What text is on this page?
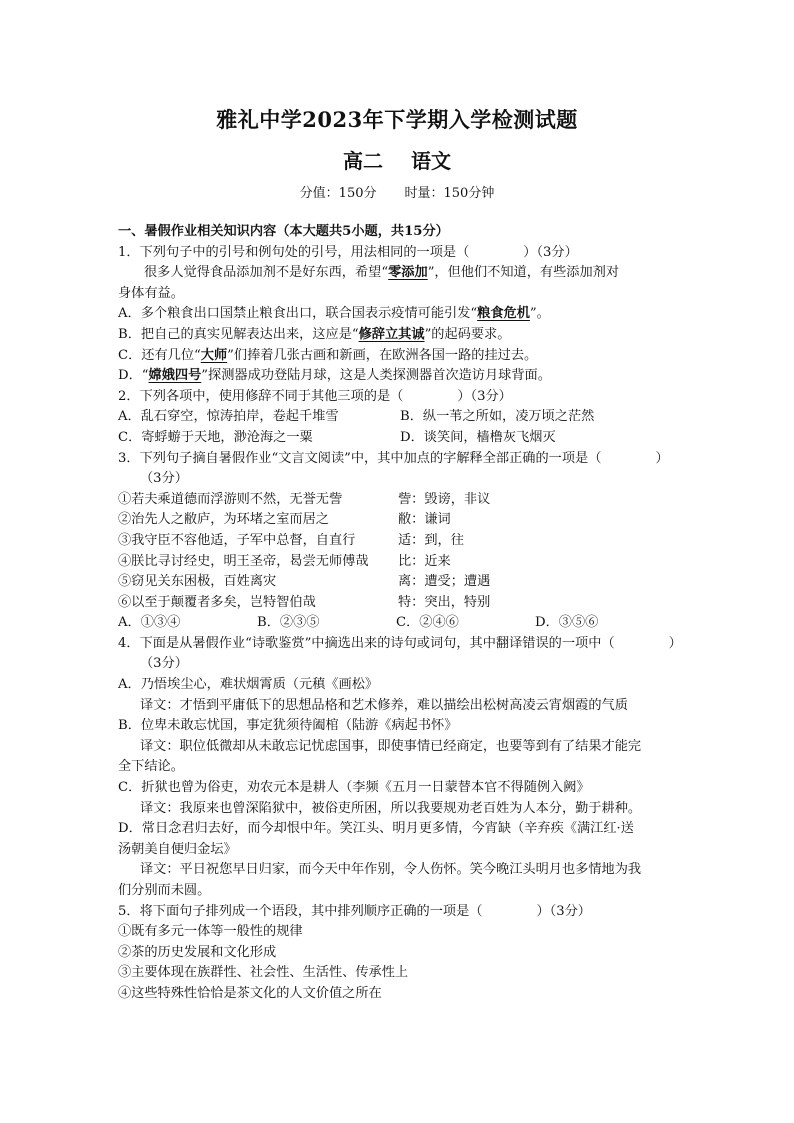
雅礼中学2023年下学期入学检测试题
高二 语文
分值：150分 时量：150分钟
一、暑假作业相关知识内容（本大题共5小题，共15分）
1．下列句子中的引号和例句处的引号，用法相同的一项是（	）（3分）
很多人觉得食品添加剂不是好东西，希望“零添加”，但他们不知道，有些添加剂对
身体有益。
A．多个粮食出口国禁止粮食出口，联合国表示疫情可能引发“粮食危机”。
B．把自己的真实见解表达出来，这应是“修辞立其诚”的起码要求。
C．还有几位“大师”们捧着几张古画和新画，在欧洲各国一路的挂过去。
D．“嫦娥四号”探测器成功登陆月球，这是人类探测器首次造访月球背面。
2．下列各项中，使用修辞不同于其他三项的是（	）（3分）
A．乱石穿空，惊涛拍岸，卷起千堆雪	B．纵一苇之所如，凌万顷之茫然
C．寄蜉蝣于天地，渺沧海之一粟	D．谈笑间，樯橹灰飞烟灭
3．下列句子摘自暑假作业“文言文阅读”中，其中加点的字解释全部正确的一项是（	）
（3分）
①若夫乘道德而浮游则不然，无誉无訾	訾：毁谤，非议
②治先人之敝庐，为环堵之室而居之	敝：谦词
③我守臣不容他适，子军中总督，自直行	适：到，往
④朕比寻讨经史，明王圣帝，曷尝无师傅哉	比：近来
⑤窃见关东困极，百姓离灾	离：遭受；遭遇
⑥以至于颠覆者多矣，岂特智伯哉	特：突出，特别
A．①③④	B．②③⑤	C．②④⑥	D．③⑤⑥
4．下面是从暑假作业“诗歌鉴赏”中摘选出来的诗句或词句，其中翻译错误的一项中（	）
（3分）
A．乃悟埃尘心，难状烟霄质（元稹《画松》
译文：才悟到平庸低下的思想品格和艺术修养，难以描绘出松树高凌云宵烟霞的气质
B．位卑未敢忘忧国，事定犹须待阖棺（陆游《病起书怀》
译文：职位低微却从未敢忘记忧虑国事，即使事情已经商定，也要等到有了结果才能完
全下结论。
C．折狱也曾为俗吏，劝农元本是耕人（李频《五月一日蒙替本官不得随例入阙》
译文：我原来也曾深陷狱中，被俗吏所困，所以我要规劝老百姓为人本分，勤于耕种。
D．常日念君归去好，而今却恨中年。笑江头、明月更多情，今宵缺（辛弃疾《满江红·送
汤朝美自便归金坛》
译文：平日祝您早日归家，而今天中年作别，令人伤怀。笑今晚江头明月也多情地为我
们分别而未圆。
5．将下面句子排列成一个语段，其中排列顺序正确的一项是（	）（3分）
①既有多元一体等一般性的规律
②茶的历史发展和文化形成
③主要体现在族群性、社会性、生活性、传承性上
④这些特殊性恰恰是茶文化的人文价值之所在
